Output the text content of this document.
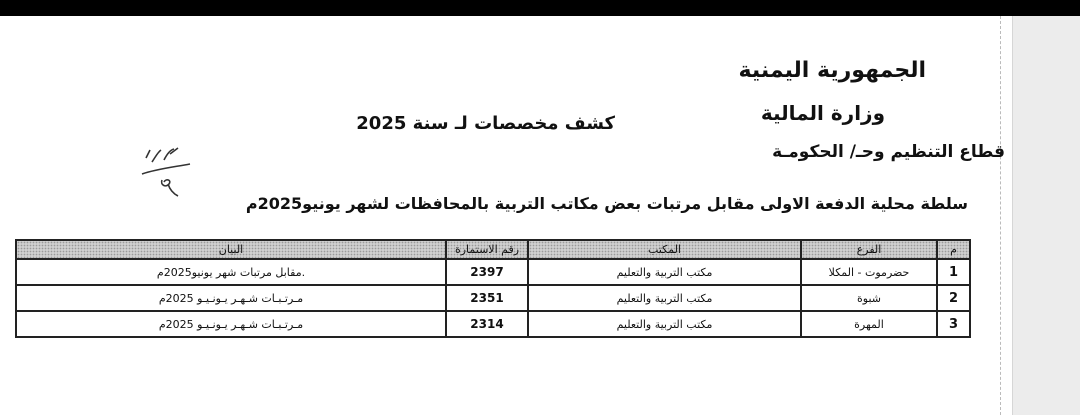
الجمهورية اليمنية
وزارة المالية
قطاع التنظيم وحـ/ الحكومـة
كشف مخصصات لـ سنة 2025
سلطة محلية الدفعة الاولى مقابل مرتبات بعض مكاتب التربية بالمحافظات لشهر يونيو2025م
م	الفرع	المكتب	رقم الاستمارة	البيان
1	حضرموت - المكلا	مكتب التربية والتعليم	2397	.مقابل مرتبات شهر يونيو2025م
2	شبوة	مكتب التربية والتعليم	2351	مـرتـبـات شـهـر يـونـيـو 2025م
3	المهرة	مكتب التربية والتعليم	2314	مـرتـبـات شـهـر يـونـيـو 2025م
